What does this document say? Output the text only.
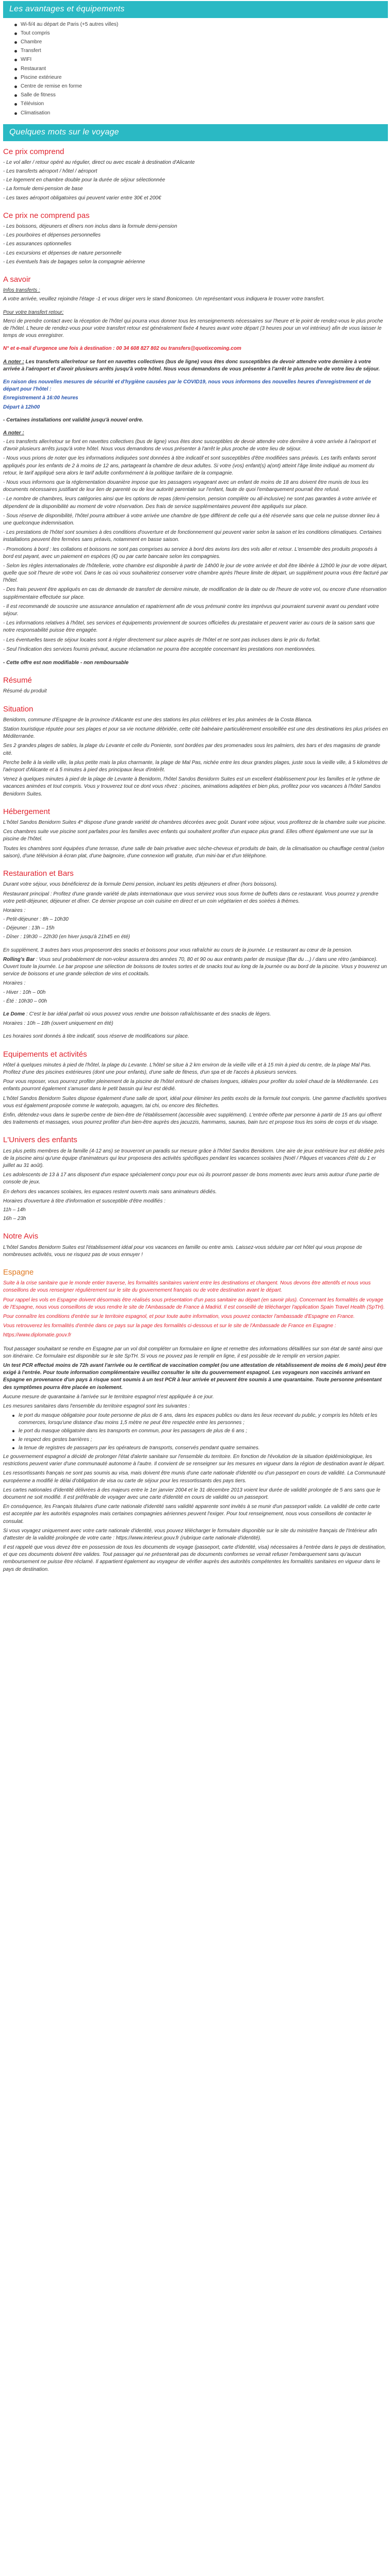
Les avantages et équipements
Wi-fi/4 au départ de Paris (+5 autres villes)
Tout compris
Chambre
Transfert
WIFI
Restaurant
Piscine extérieure
Centre de remise en forme
Salle de fitness
Télévision
Climatisation
Quelques mots sur le voyage
Ce prix comprend
- Le vol aller / retour opéré au régulier, direct ou avec escale à destination d'Alicante
- Les transferts aéroport / hôtel / aéroport
- Le logement en chambre double pour la durée de séjour sélectionnée
- La formule demi-pension de base
- Les taxes aéroport obligatoires qui peuvent varier entre 30€ et 200€
Ce prix ne comprend pas
- Les boissons, déjeuners et dîners non inclus dans la formule demi-pension
- Les pourboires et dépenses personnelles
- Les assurances optionnelles
- Les excursions et dépenses de nature personnelle
- Les éventuels frais de bagages selon la compagnie aérienne
A savoir
Infos transferts :
A votre arrivée, veuillez rejoindre l'étage -1 et vous diriger vers le stand Bonicomeo. Un représentant vous indiquera le trouver votre transfert.
Pour votre transfert retour:
Merci de prendre contact avec la réception de l'hôtel qui pourra vous donner tous les renseignements nécessaires sur l'heure et le point de rendez-vous le plus proche de l'hôtel. L'heure de rendez-vous pour votre transfert retour est généralement fixée 4 heures avant votre départ (3 heures pour un vol intérieur) afin de vous laisser le temps de vous enregistrer.
N° et e-mail d'urgence une fois à destination : 00 34 608 827 802 ou transfers@quotixcoming.com
A noter : Les transferts aller/retour se font en navettes collectives (bus de ligne) vous êtes donc susceptibles de devoir attendre votre dernière à votre arrivée à l'aéroport et d'avoir plusieurs arrêts jusqu'à votre hôtel. Nous vous demandons de vous présenter à l'arrêt le plus proche de votre lieu de séjour.
En raison des nouvelles mesures de sécurité et d'hygiène causées par le COVID19, nous vous informons des nouvelles heures d'enregistrement et de départ pour l'hôtel :
Enregistrement à 16:00 heures
Départ à 12h00
- Certaines installations ont validité jusqu'à nouvel ordre.
A noter :
- Les transferts aller/retour se font en navettes collectives (bus de ligne) vous êtes donc susceptibles de devoir attendre votre dernière à votre arrivée à l'aéroport et d'avoir plusieurs arrêts jusqu'à votre hôtel. Nous vous demandons de vous présenter à l'arrêt le plus proche de votre lieu de séjour.
- Nous vous prions de noter que les informations indiquées sont données à titre indicatif et sont susceptibles d'être modifiées sans préavis. Les tarifs enfants seront appliqués pour les enfants de 2 à moins de 12 ans, partageant la chambre de deux adultes. Si votre (vos) enfant(s) a(ont) atteint l'âge limite indiqué au moment du retour, le tarif appliqué sera alors le tarif adulte conformément à la politique tarifaire de la compagnie.
- Nous vous informons que la réglementation douanière impose que les passagers voyageant avec un enfant de moins de 18 ans doivent être munis de tous les documents nécessaires justifiant de leur lien de parenté ou de leur autorité parentale sur l'enfant, faute de quoi l'embarquement pourrait être refusé.
- Le nombre de chambres, leurs catégories ainsi que les options de repas (demi-pension, pension complète ou all-inclusive) ne sont pas garanties à votre arrivée et dépendent de la disponibilité au moment de votre réservation. Des frais de service supplémentaires peuvent être appliqués sur place.
- Sous réserve de disponibilité, l'hôtel pourra attribuer à votre arrivée une chambre de type différent de celle qui a été réservée sans que cela ne puisse donner lieu à une quelconque indemnisation.
- Les prestations de l'hôtel sont soumises à des conditions d'ouverture et de fonctionnement qui peuvent varier selon la saison et les conditions climatiques. Certaines installations peuvent être fermées sans préavis, notamment en basse saison.
- Promotions à bord : les collations et boissons ne sont pas comprises au service à bord des avions lors des vols aller et retour. L'ensemble des produits proposés à bord est payant, avec un paiement en espèces (€) ou par carte bancaire selon les compagnies.
- Selon les règles internationales de l'hôtellerie, votre chambre est disponible à partir de 14h00 le jour de votre arrivée et doit être libérée à 12h00 le jour de votre départ, quelle que soit l'heure de votre vol. Dans le cas où vous souhaiteriez conserver votre chambre après l'heure limite de départ, un supplément pourra vous être facturé par l'hôtel.
- Des frais peuvent être appliqués en cas de demande de transfert de dernière minute, de modification de la date ou de l'heure de votre vol, ou encore d'une réservation supplémentaire effectuée sur place.
- Il est recommandé de souscrire une assurance annulation et rapatriement afin de vous prémunir contre les imprévus qui pourraient survenir avant ou pendant votre séjour.
- Les informations relatives à l'hôtel, ses services et équipements proviennent de sources officielles du prestataire et peuvent varier au cours de la saison sans que notre responsabilité puisse être engagée.
- Les éventuelles taxes de séjour locales sont à régler directement sur place auprès de l'hôtel et ne sont pas incluses dans le prix du forfait.
- Seul l'indication des services fournis prévaut, aucune réclamation ne pourra être acceptée concernant les prestations non mentionnées.
- Cette offre est non modifiable - non remboursable
Résumé
Résumé du produit
Situation
Benidorm, commune d'Espagne de la province d'Alicante est une des stations les plus célèbres et les plus animées de la Costa Blanca.
Station touristique réputée pour ses plages et pour sa vie nocturne débridée, cette cité balnéaire particulièrement ensoleillée est une des destinations les plus prisées en Méditerranée.
Ses 2 grandes plages de sables, la plage du Levante et celle du Poniente, sont bordées par des promenades sous les palmiers, des bars et des magasins de grande cité.
Perche belle à la vieille ville, la plus petite mais la plus charmante, la plage de Mal Pas, nichée entre les deux grandes plages, juste sous la vieille ville, à 5 kilomètres de l'aéroport d'Alicante et à 5 minutes à pied des principaux lieux d'intérêt.
Venez à quelques minutes à pied de la plage de Levante à Benidorm, l'hôtel Sandos Benidorm Suites est un excellent établissement pour les familles et le rythme de vacances animées et tout compris. Vous y trouverez tout ce dont vous rêvez : piscines, animations adaptées et bien plus, profitez pour vos vacances à l'hôtel Sandos Benidorm Suites.
Hébergement
L'hôtel Sandos Benidorm Suites 4* dispose d'une grande variété de chambres décorées avec goût. Durant votre séjour, vous profiterez de la chambre suite vue piscine.
Ces chambres suite vue piscine sont parfaites pour les familles avec enfants qui souhaitent profiter d'un espace plus grand. Elles offrent également une vue sur la piscine de l'hôtel.
Toutes les chambres sont équipées d'une terrasse, d'une salle de bain privative avec sèche-cheveux et produits de bain, de la climatisation ou chauffage central (selon saison), d'une télévision à écran plat, d'une baignoire, d'une connexion wifi gratuite, d'un mini-bar et d'un téléphone.
Restauration et Bars
Durant votre séjour, vous bénéficierez de la formule Demi pension, incluant les petits déjeuners et dîner (hors boissons).
Restaurant principal : Profitez d'une grande variété de plats internationaux que vous servirez vous sous forme de buffets dans ce restaurant. Vous pourrez y prendre votre petit-déjeuner, déjeuner et dîner. Ce dernier propose un coin cuisine en direct et un coin végétarien et des soirées à thèmes.
Horaires :
- Petit-déjeuner : 8h – 10h30
- Déjeuner : 13h – 15h
- Dîner : 19h30 – 22h30 (en hiver jusqu'à 21h45 en été)
En supplément, 3 autres bars vous proposeront des snacks et boissons pour vous rafraîchir au cours de la journée. Le restaurant au cœur de la pension.
Rolling's Bar : Vous seul probablement de non-voleur assurera des années 70, 80 et 90 ou aux entrants parler de musique (Bar du ...) / dans une rétro (ambiance). Ouvert toute la journée. Le bar propose une sélection de boissons de toutes sortes et de snacks tout au long de la journée ou au bord de la piscine. Vous y trouverez un service de boissons et une grande sélection de vins et cocktails.
Horaires :
- Hiver : 10h – 00h
- Été : 10h30 – 00h
Le Dome : C'est le bar idéal parfait où vous pouvez vous rendre une boisson rafraîchissante et des snacks de légers.
Horaires : 10h – 18h (ouvert uniquement en été)
Les horaires sont donnés à titre indicatif, sous réserve de modifications sur place.
Equipements et activités
Hôtel à quelques minutes à pied de l'hôtel, la plage du Levante. L'hôtel se situe à 2 km environ de la vieille ville et à 15 min à pied du centre, de la plage Mal Pas. Profitez d'une des piscines extérieures (dont une pour enfants), d'une salle de fitness, d'un spa et de l'accès à plusieurs services.
Pour vous reposer, vous pourrez profiter pleinement de la piscine de l'hôtel entouré de chaises longues, idéales pour profiter du soleil chaud de la Méditerranée. Les enfants pourront également s'amuser dans le petit bassin qui leur est dédié.
L'hôtel Sandos Benidorm Suites dispose également d'une salle de sport, idéal pour éliminer les petits excès de la formule tout compris. Une gamme d'activités sportives vous est également proposée comme le waterpolo, aquagym, tai chi, ou encore des fléchettes.
Enfin, détendez-vous dans le superbe centre de bien-être de l'établissement (accessible avec supplément). L'entrée offerte par personne à partir de 15 ans qui offrent des traitements et massages, vous pourrez profiter d'un bien-être auprès des jacuzzis, hammams, saunas, bain turc et propose tous les soins de corps et du visage.
L'Univers des enfants
Les plus petits membres de la famille (4-12 ans) se trouveront un paradis sur mesure grâce à l'hôtel Sandos Benidorm. Une aire de jeux extérieure leur est dédiée près de la piscine ainsi qu'une équipe d'animateurs qui leur proposera des activités spécifiques pendant les vacances scolaires (Noël / Pâques et vacances d'été du 1 er juillet au 31 août).
Les adolescents de 13 à 17 ans disposent d'un espace spécialement conçu pour eux où ils pourront passer de bons moments avec leurs amis autour d'une partie de console de jeux.
En dehors des vacances scolaires, les espaces restent ouverts mais sans animateurs dédiés.
Horaires d'ouverture à titre d'information et susceptible d'être modifiés :
11h – 14h
16h – 23h
Notre Avis
L'hôtel Sandos Benidorm Suites est l'établissement idéal pour vos vacances en famille ou entre amis. Laissez-vous séduire par cet hôtel qui vous propose de nombreuses activités, vous ne risquez pas de vous ennuyer !
Espagne
Suite à la crise sanitaire que le monde entier traverse, les formalités sanitaires varient entre les destinations et changent. Nous devons être attentifs et nous vous conseillons de vous renseigner régulièrement sur le site du gouvernement français ou de votre destination avant le départ.
Pour rappel les vols en Espagne doivent désormais être réalisés sous présentation d'un pass sanitaire au départ (en savoir plus). Concernant les formalités de voyage de l'Espagne, nous vous conseillons de vous rendre le site de l'Ambassade de France à Madrid. Il est conseillé de télécharger l'application Spain Travel Health (SpTH).
Pour connaître les conditions d'entrée sur le territoire espagnol, et pour toute autre information, vous pouvez contacter l'ambassade d'Espagne en France.
Vous retrouverez les formalités d'entrée dans ce pays sur la page des formalités ci-dessous et sur le site de l'Ambassade de France en Espagne :
https://www.diplomatie.gouv.fr
Tout passager souhaitant se rendre en Espagne par un vol doit compléter un formulaire en ligne et remettre des informations détaillées sur son état de santé ainsi que son itinéraire. Ce formulaire est disponible sur le site SpTH. Si vous ne pouvez pas le remplir en ligne, il est possible de le remplir en version papier.
Un test PCR effectué moins de 72h avant l'arrivée ou le certificat de vaccination complet (ou une attestation de rétablissement de moins de 6 mois) peut être exigé à l'entrée. Pour toute information complémentaire veuillez consulter le site du gouvernement espagnol. Les voyageurs non vaccinés arrivant en Espagne en provenance d'un pays à risque sont soumis à un test PCR à leur arrivée et peuvent être soumis à une quarantaine. Toute personne présentant des symptômes pourra être placée en isolement.
Aucune mesure de quarantaine à l'arrivée sur le territoire espagnol n'est appliquée à ce jour.
Les mesures sanitaires dans l'ensemble du territoire espagnol sont les suivantes :
le port du masque obligatoire pour toute personne de plus de 6 ans, dans les espaces publics ou dans les lieux recevant du public, y compris les hôtels et les commerces, lorsqu'une distance d'au moins 1,5 mètre ne peut être respectée entre les personnes ;
le port du masque obligatoire dans les transports en commun, pour les passagers de plus de 6 ans ;
le respect des gestes barrières ;
la tenue de registres de passagers par les opérateurs de transports, conservés pendant quatre semaines.
Le gouvernement espagnol a décidé de prolonger l'état d'alerte sanitaire sur l'ensemble du territoire. En fonction de l'évolution de la situation épidémiologique, les restrictions peuvent varier d'une communauté autonome à l'autre. Il convient de se renseigner sur les mesures en vigueur dans la région de destination avant le départ.
Les ressortissants français ne sont pas soumis au visa, mais doivent être munis d'une carte nationale d'identité ou d'un passeport en cours de validité. La Communauté européenne a modifié le délai d'obligation de visa ou carte de séjour pour les ressortissants des pays tiers.
Les cartes nationales d'identité délivrées à des majeurs entre le 1er janvier 2004 et le 31 décembre 2013 voient leur durée de validité prolongée de 5 ans sans que le document ne soit modifié. Il est préférable de voyager avec une carte d'identité en cours de validité ou un passeport.
En conséquence, les Français titulaires d'une carte nationale d'identité sans validité apparente sont invités à se munir d'un passeport valide. La validité de cette carte est acceptée par les autorités espagnoles mais certaines compagnies aériennes peuvent l'exiger. Pour tout renseignement, nous vous conseillons de contacter le consulat.
Si vous voyagez uniquement avec votre carte nationale d'identité, vous pouvez télécharger le formulaire disponible sur le site du ministère français de l'Intérieur afin d'attester de la validité prolongée de votre carte : https://www.interieur.gouv.fr (rubrique carte nationale d'identité).
Il est rappelé que vous devez être en possession de tous les documents de voyage (passeport, carte d'identité, visa) nécessaires à l'entrée dans le pays de destination, et que ces documents doivent être valides. Tout passager qui ne présenterait pas de documents conformes se verrait refuser l'embarquement sans qu'aucun remboursement ne puisse être réclamé. Il appartient également au voyageur de vérifier auprès des autorités compétentes les formalités sanitaires en vigueur dans le pays de destination.
